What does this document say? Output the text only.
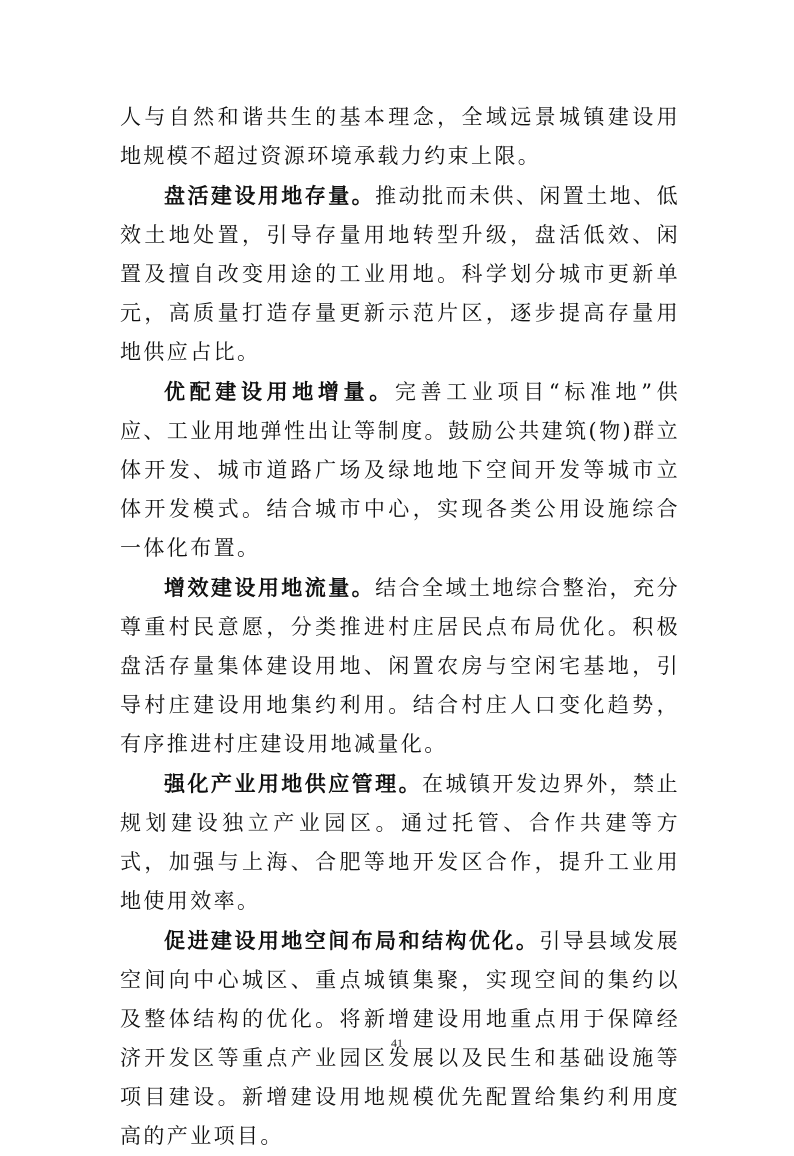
人与自然和谐共生的基本理念，全域远景城镇建设用地规模不超过资源环境承载力约束上限。

盘活建设用地存量。推动批而未供、闲置土地、低效土地处置，引导存量用地转型升级，盘活低效、闲置及擅自改变用途的工业用地。科学划分城市更新单元，高质量打造存量更新示范片区，逐步提高存量用地供应占比。

优配建设用地增量。完善工业项目“标准地”供应、工业用地弹性出让等制度。鼓励公共建筑(物)群立体开发、城市道路广场及绿地地下空间开发等城市立体开发模式。结合城市中心，实现各类公用设施综合一体化布置。

增效建设用地流量。结合全域土地综合整治，充分尊重村民意愿，分类推进村庄居民点布局优化。积极盘活存量集体建设用地、闲置农房与空闲宅基地，引导村庄建设用地集约利用。结合村庄人口变化趋势，有序推进村庄建设用地减量化。

强化产业用地供应管理。在城镇开发边界外，禁止规划建设独立产业园区。通过托管、合作共建等方式，加强与上海、合肥等地开发区合作，提升工业用地使用效率。

促进建设用地空间布局和结构优化。引导县域发展空间向中心城区、重点城镇集聚，实现空间的集约以及整体结构的优化。将新增建设用地重点用于保障经济开发区等重点产业园区发展以及民生和基础设施等项目建设。新增建设用地规模优先配置给集约利用度高的产业项目。

41
